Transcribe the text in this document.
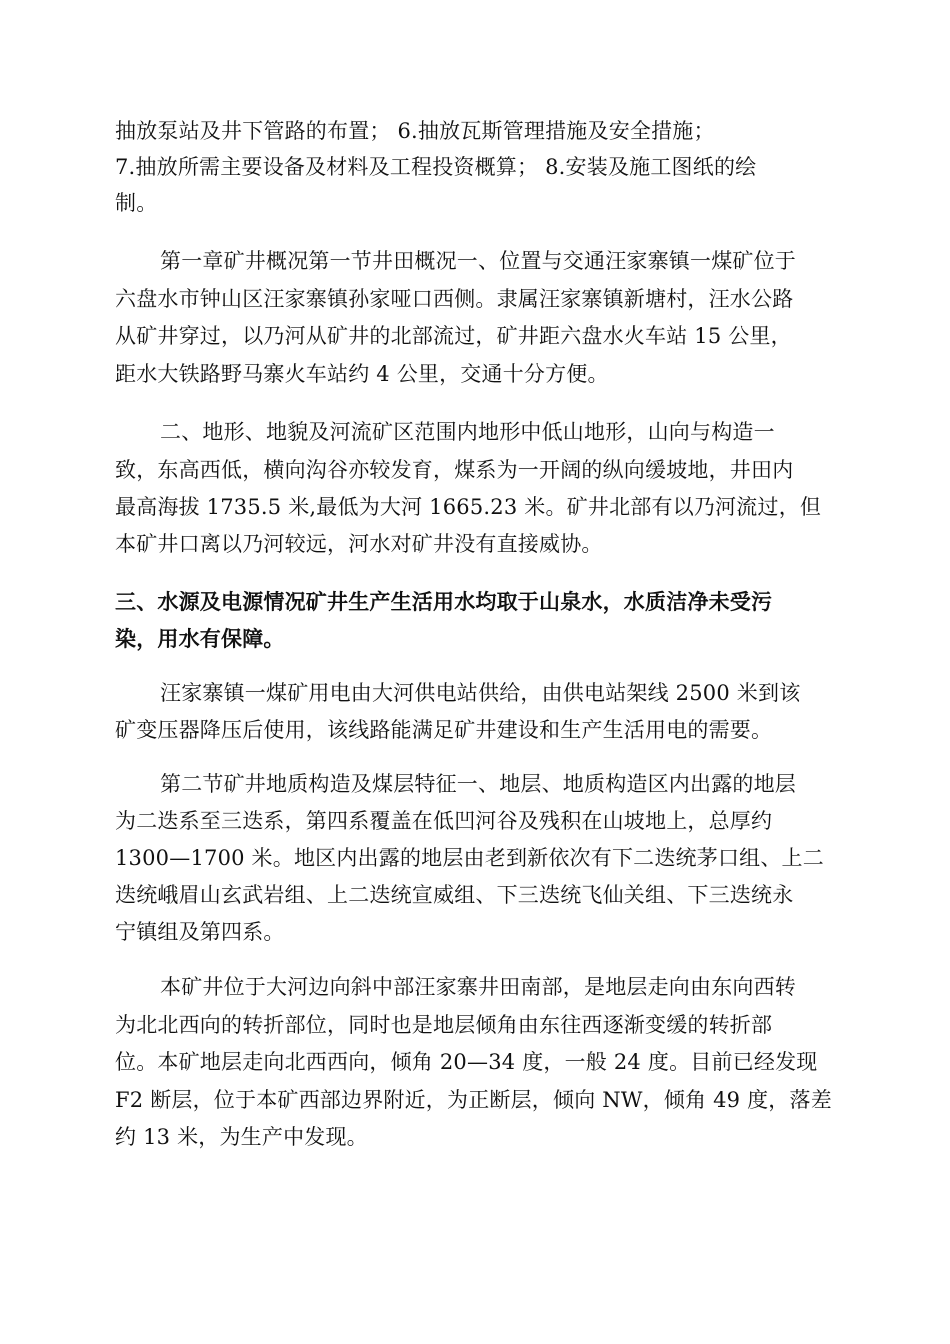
抽放泵站及井下管路的布置； 6.抽放瓦斯管理措施及安全措施；
7.抽放所需主要设备及材料及工程投资概算； 8.安装及施工图纸的绘
制。
第一章矿井概况第一节井田概况一、位置与交通汪家寨镇一煤矿位于
六盘水市钟山区汪家寨镇孙家哑口西侧。隶属汪家寨镇新塘村，汪水公路
从矿井穿过，以乃河从矿井的北部流过，矿井距六盘水火车站 15 公里，
距水大铁路野马寨火车站约 4 公里，交通十分方便。
二、地形、地貌及河流矿区范围内地形中低山地形，山向与构造一
致，东高西低，横向沟谷亦较发育，煤系为一开阔的纵向缓坡地，井田内
最高海拔 1735.5 米,最低为大河 1665.23 米。矿井北部有以乃河流过，但
本矿井口离以乃河较远，河水对矿井没有直接威协。
三、水源及电源情况矿井生产生活用水均取于山泉水，水质洁净未受污
染，用水有保障。
汪家寨镇一煤矿用电由大河供电站供给，由供电站架线 2500 米到该
矿变压器降压后使用，该线路能满足矿井建设和生产生活用电的需要。
第二节矿井地质构造及煤层特征一、地层、地质构造区内出露的地层
为二迭系至三迭系，第四系覆盖在低凹河谷及残积在山坡地上，总厚约
1300—1700 米。地区内出露的地层由老到新依次有下二迭统茅口组、上二
迭统峨眉山玄武岩组、上二迭统宣威组、下三迭统飞仙关组、下三迭统永
宁镇组及第四系。
本矿井位于大河边向斜中部汪家寨井田南部，是地层走向由东向西转
为北北西向的转折部位，同时也是地层倾角由东往西逐渐变缓的转折部
位。本矿地层走向北西西向，倾角 20—34 度，一般 24 度。目前已经发现
F2 断层，位于本矿西部边界附近，为正断层，倾向 NW，倾角 49 度，落差
约 13 米，为生产中发现。
